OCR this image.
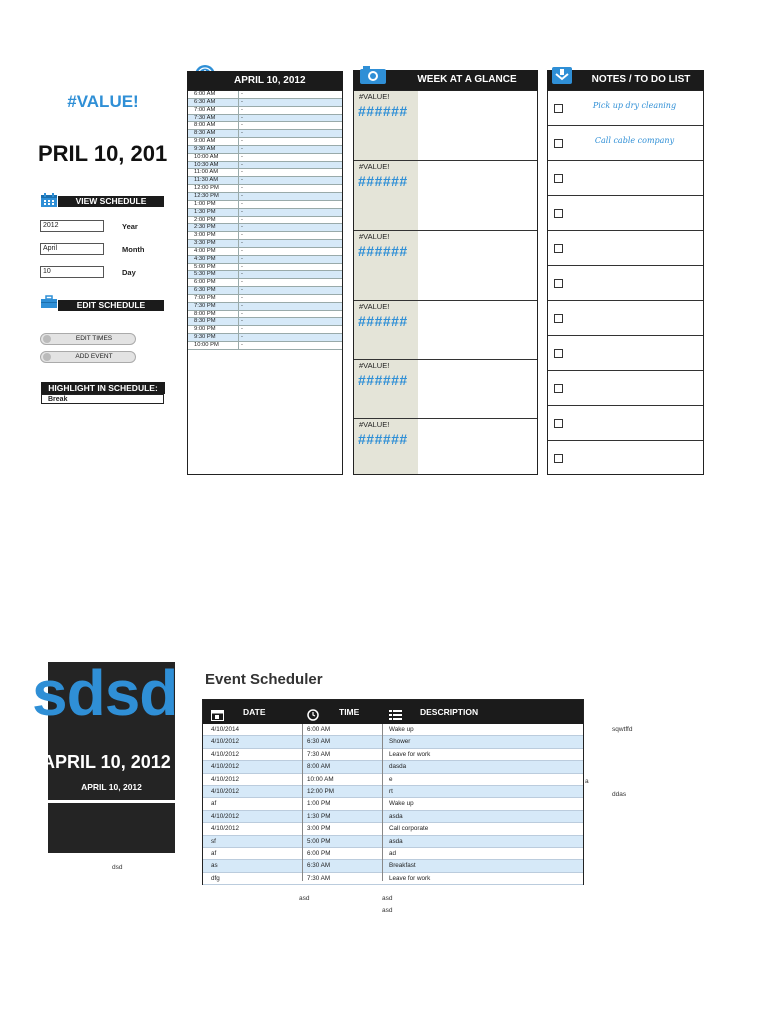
#VALUE!
PRIL 10, 201
VIEW SCHEDULE
2012	Year
April	Month
10	Day
EDIT SCHEDULE
EDIT TIMES
ADD EVENT
HIGHLIGHT IN SCHEDULE:
Break
APRIL 10, 2012
6:00 AM	-
6:30 AM	-
7:00 AM	-
7:30 AM	-
8:00 AM	-
8:30 AM	-
9:00 AM	-
9:30 AM	-
10:00 AM	-
10:30 AM	-
11:00 AM	-
11:30 AM	-
12:00 PM	-
12:30 PM	-
1:00 PM	-
1:30 PM	-
2:00 PM	-
2:30 PM	-
3:00 PM	-
3:30 PM	-
4:00 PM	-
4:30 PM	-
5:00 PM	-
5:30 PM	-
6:00 PM	-
6:30 PM	-
7:00 PM	-
7:30 PM	-
8:00 PM	-
8:30 PM	-
9:00 PM	-
9:30 PM	-
10:00 PM	-
WEEK AT A GLANCE
#VALUE!
######
#VALUE!
######
#VALUE!
######
#VALUE!
######
#VALUE!
######
#VALUE!
######
NOTES / TO DO LIST
Pick up dry cleaning
Call cable company
sdsd
APRIL 10, 2012
APRIL 10, 2012
dsd
Event Scheduler
DATE	TIME	DESCRIPTION
4/10/2014	6:00 AM	Wake up
4/10/2012	6:30 AM	Shower
4/10/2012	7:30 AM	Leave for work
4/10/2012	8:00 AM	dasda
4/10/2012	10:00 AM	e
4/10/2012	12:00 PM	rt
af	1:00 PM	Wake up
4/10/2012	1:30 PM	asda
4/10/2012	3:00 PM	Call corporate
sf	5:00 PM	asda
af	6:00 PM	ad
as	6:30 AM	Breakfast
dfg	7:30 AM	Leave for work
sqwtffd
a
ddas
asd	asd
asd
